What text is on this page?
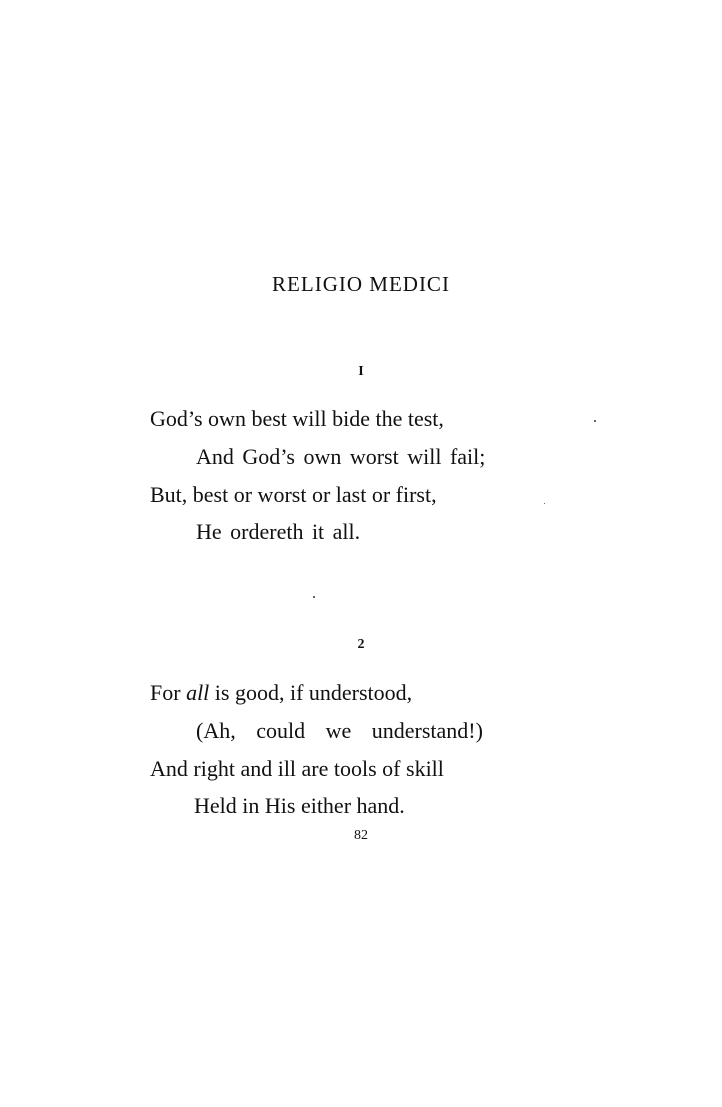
RELIGIO MEDICI
I
God’s own best will bide the test,
And God’s own worst will fail;
But, best or worst or last or first,
He ordereth it all.
2
For all is good, if understood,
(Ah, could we understand!)
And right and ill are tools of skill
Held in His either hand.
82
